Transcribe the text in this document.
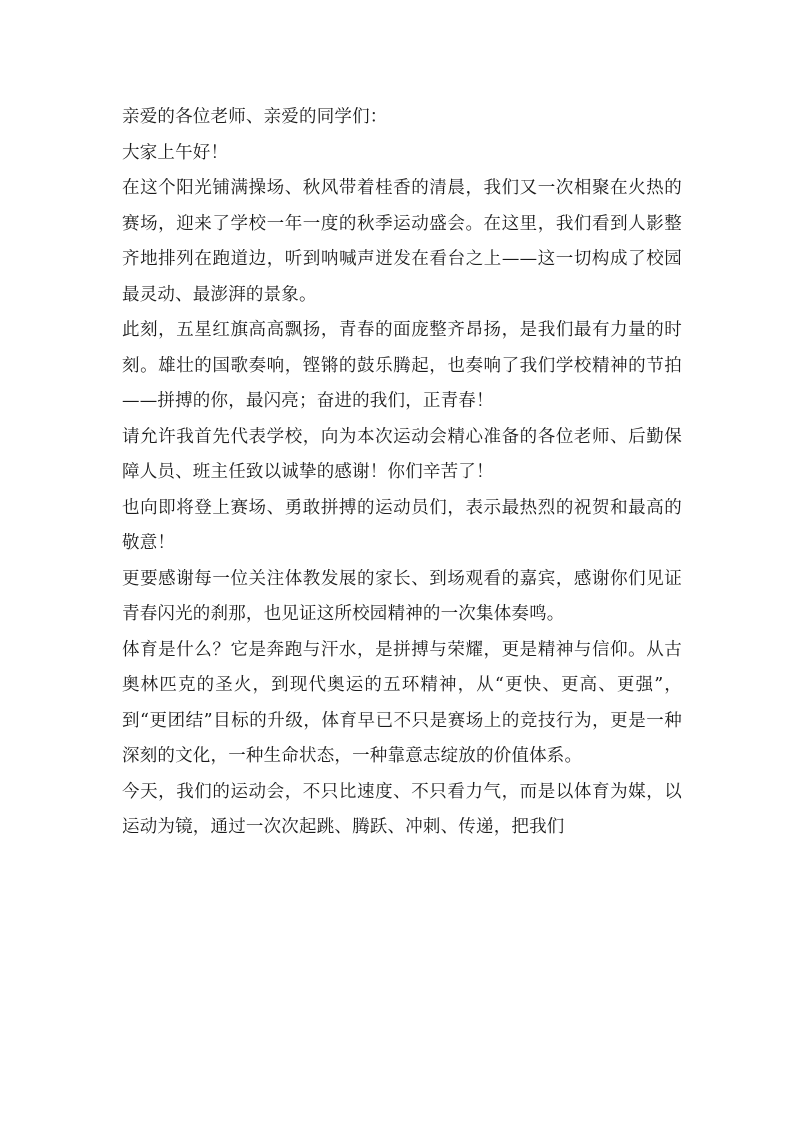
亲爱的各位老师、亲爱的同学们：

大家上午好！

在这个阳光铺满操场、秋风带着桂香的清晨，我们又一次相聚在火热的赛场，迎来了学校一年一度的秋季运动盛会。在这里，我们看到人影整齐地排列在跑道边，听到呐喊声迸发在看台之上——这一切构成了校园最灵动、最澎湃的景象。

此刻，五星红旗高高飘扬，青春的面庞整齐昂扬，是我们最有力量的时刻。雄壮的国歌奏响，铿锵的鼓乐腾起，也奏响了我们学校精神的节拍——拼搏的你，最闪亮；奋进的我们，正青春！

请允许我首先代表学校，向为本次运动会精心准备的各位老师、后勤保障人员、班主任致以诚挚的感谢！你们辛苦了！

也向即将登上赛场、勇敢拼搏的运动员们，表示最热烈的祝贺和最高的敬意！

更要感谢每一位关注体教发展的家长、到场观看的嘉宾，感谢你们见证青春闪光的刹那，也见证这所校园精神的一次集体奏鸣。

体育是什么？它是奔跑与汗水，是拼搏与荣耀，更是精神与信仰。从古奥林匹克的圣火，到现代奥运的五环精神，从“更快、更高、更强”，到“更团结”目标的升级，体育早已不只是赛场上的竞技行为，更是一种深刻的文化，一种生命状态，一种靠意志绽放的价值体系。

今天，我们的运动会，不只比速度、不只看力气，而是以体育为媒，以运动为镜，通过一次次起跳、腾跃、冲刺、传递，把我们
